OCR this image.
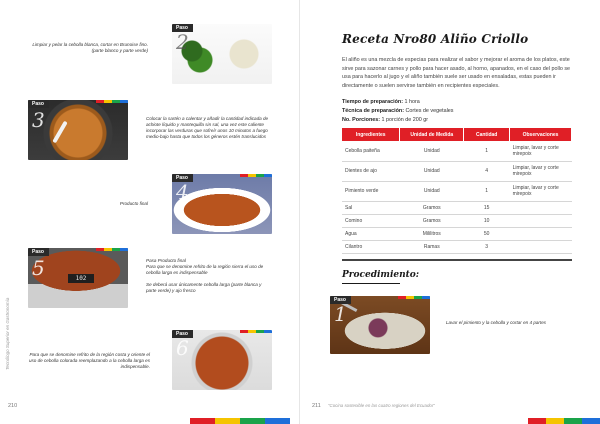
Tecnólogo Superior en Gastronomía
Limpiar y pelar la cebolla blanca, cortar en Brunoise fino. (parte blanco y parte verde)
Paso
2
Paso
3	Colocar la sartén a calentar y añadir la cantidad indicada de achiote líquido y mantequilla sin sal, una vez este caliente incorporar las verduras que sofreír unos 10 minutos a fuego medio-bajo hasta que todos los géneros estén translucidos
Producto final
Paso
4
Paso
102
5	Pasa Producto final
Para que se denomine refrito de la región sierra el uso de cebolla larga es indispensable

Se deberá usar únicamente cebolla larga (parte blanca y parte verde) y ajo fresco
Para que se denomine refrito de la región costa y oriente el uso de cebolla colorada reemplazando a la cebolla larga es indispensable.
Paso
6
210
Receta Nro80 Aliño Criollo
El aliño es una mezcla de especias para realizar el sabor y mejorar el aroma de los platos, este sirve para sazonar carnes y pollo para hacer asado, al horno, apanados, en el caso del pollo se usa para hacerlo al jugo y el aliño también suele ser usado en ensaladas, estas pueden ir directamente o suelen servirse también en recipientes especiales.
Tiempo de preparación: 1 hora
Técnica de preparación: Cortes de vegetales
No. Porciones: 1 porción de 200 gr
Ingredientes	Unidad de Medida	Cantidad	Observaciones
Cebolla paiteña	Unidad	1	Limpiar, lavar y corte mirepoix
Dientes de ajo	Unidad	4	Limpiar, lavar y corte mirepoix
Pimiento verde	Unidad	1	Limpiar, lavar y corte mirepoix
Sal	Gramos	15	
Comino	Gramos	10	
Agua	Mililitros	50	
Cilantro	Ramas	3	
Procedimiento:
Paso
1	Lavar el pimiento y la cebolla y cortar en 4 partes
211 "Cocina sostenible en las cuatro regiones del Ecuador"
